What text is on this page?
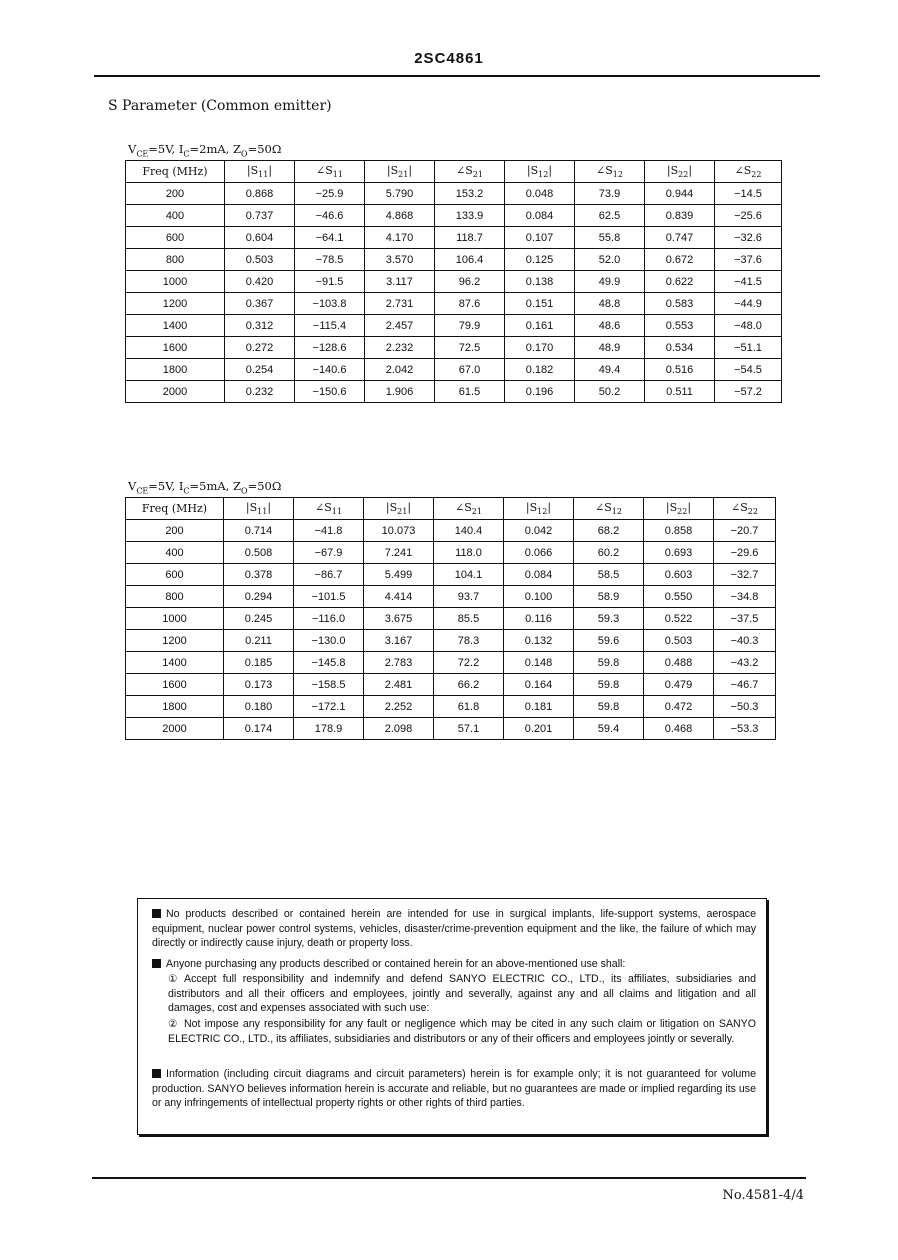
2SC4861
S Parameter (Common emitter)
$V_{CE}=5V$, $I_C=2mA$, $Z_O=50\Omega$
Freq (MHz)	$|S_{11}|$	$\angle S_{11}$	$|S_{21}|$	$\angle S_{21}$	$|S_{12}|$	$\angle S_{12}$	$|S_{22}|$	$\angle S_{22}$
200	0.868	−25.9	5.790	153.2	0.048	73.9	0.944	−14.5
400	0.737	−46.6	4.868	133.9	0.084	62.5	0.839	−25.6
600	0.604	−64.1	4.170	118.7	0.107	55.8	0.747	−32.6
800	0.503	−78.5	3.570	106.4	0.125	52.0	0.672	−37.6
1000	0.420	−91.5	3.117	96.2	0.138	49.9	0.622	−41.5
1200	0.367	−103.8	2.731	87.6	0.151	48.8	0.583	−44.9
1400	0.312	−115.4	2.457	79.9	0.161	48.6	0.553	−48.0
1600	0.272	−128.6	2.232	72.5	0.170	48.9	0.534	−51.1
1800	0.254	−140.6	2.042	67.0	0.182	49.4	0.516	−54.5
2000	0.232	−150.6	1.906	61.5	0.196	50.2	0.511	−57.2
$V_{CE}=5V$, $I_C=5mA$, $Z_O=50\Omega$
Freq (MHz)	$|S_{11}|$	$\angle S_{11}$	$|S_{21}|$	$\angle S_{21}$	$|S_{12}|$	$\angle S_{12}$	$|S_{22}|$	$\angle S_{22}$
200	0.714	−41.8	10.073	140.4	0.042	68.2	0.858	−20.7
400	0.508	−67.9	7.241	118.0	0.066	60.2	0.693	−29.6
600	0.378	−86.7	5.499	104.1	0.084	58.5	0.603	−32.7
800	0.294	−101.5	4.414	93.7	0.100	58.9	0.550	−34.8
1000	0.245	−116.0	3.675	85.5	0.116	59.3	0.522	−37.5
1200	0.211	−130.0	3.167	78.3	0.132	59.6	0.503	−40.3
1400	0.185	−145.8	2.783	72.2	0.148	59.8	0.488	−43.2
1600	0.173	−158.5	2.481	66.2	0.164	59.8	0.479	−46.7
1800	0.180	−172.1	2.252	61.8	0.181	59.8	0.472	−50.3
2000	0.174	178.9	2.098	57.1	0.201	59.4	0.468	−53.3
No products described or contained herein are intended for use in surgical implants, life-support systems, aerospace equipment, nuclear power control systems, vehicles, disaster/crime-prevention equipment and the like, the failure of which may directly or indirectly cause injury, death or property loss.
Anyone purchasing any products described or contained herein for an above-mentioned use shall:
① Accept full responsibility and indemnify and defend SANYO ELECTRIC CO., LTD., its affiliates, subsidiaries and distributors and all their officers and employees, jointly and severally, against any and all claims and litigation and all damages, cost and expenses associated with such use:
② Not impose any responsibility for any fault or negligence which may be cited in any such claim or litigation on SANYO ELECTRIC CO., LTD., its affiliates, subsidiaries and distributors or any of their officers and employees jointly or severally.
Information (including circuit diagrams and circuit parameters) herein is for example only; it is not guaranteed for volume production. SANYO believes information herein is accurate and reliable, but no guarantees are made or implied regarding its use or any infringements of intellectual property rights or other rights of third parties.
No.4581-4/4
